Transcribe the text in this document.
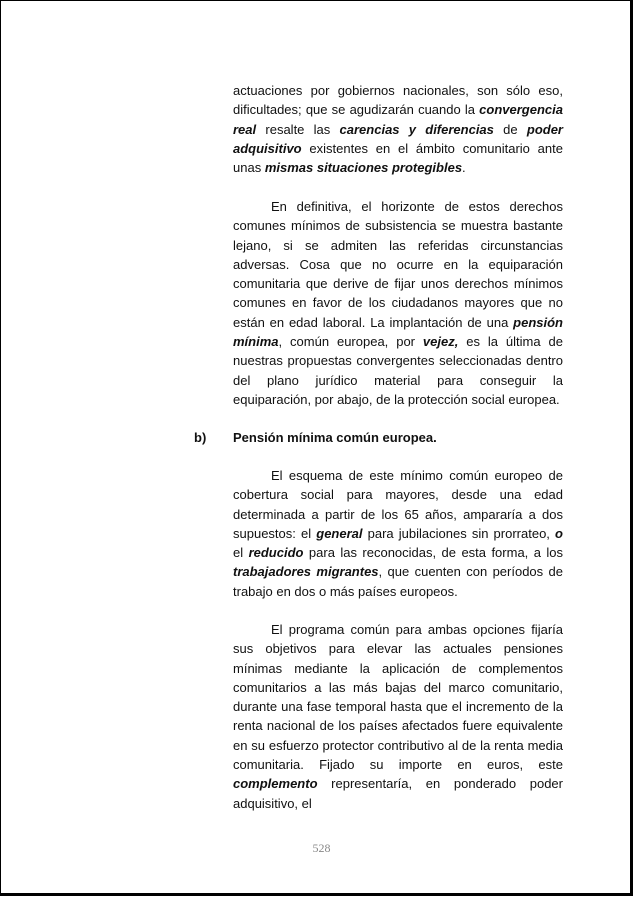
actuaciones por gobiernos nacionales, son sólo eso, dificultades; que se agudizarán cuando la convergencia real resalte las carencias y diferencias de poder adquisitivo existentes en el ámbito comunitario ante unas mismas situaciones protegibles.

En definitiva, el horizonte de estos derechos comunes mínimos de subsistencia se muestra bastante lejano, si se admiten las referidas circunstancias adversas. Cosa que no ocurre en la equiparación comunitaria que derive de fijar unos derechos mínimos comunes en favor de los ciudadanos mayores que no están en edad laboral. La implantación de una pensión mínima, común europea, por vejez, es la última de nuestras propuestas convergentes seleccionadas dentro del plano jurídico material para conseguir la equiparación, por abajo, de la protección social europea.

b) Pensión mínima común europea.

El esquema de este mínimo común europeo de cobertura social para mayores, desde una edad determinada a partir de los 65 años, ampararía a dos supuestos: el general para jubilaciones sin prorrateo, o el reducido para las reconocidas, de esta forma, a los trabajadores migrantes, que cuenten con períodos de trabajo en dos o más países europeos.

El programa común para ambas opciones fijaría sus objetivos para elevar las actuales pensiones mínimas mediante la aplicación de complementos comunitarios a las más bajas del marco comunitario, durante una fase temporal hasta que el incremento de la renta nacional de los países afectados fuere equivalente en su esfuerzo protector contributivo al de la renta media comunitaria. Fijado su importe en euros, este complemento representaría, en ponderado poder adquisitivo, el

528
